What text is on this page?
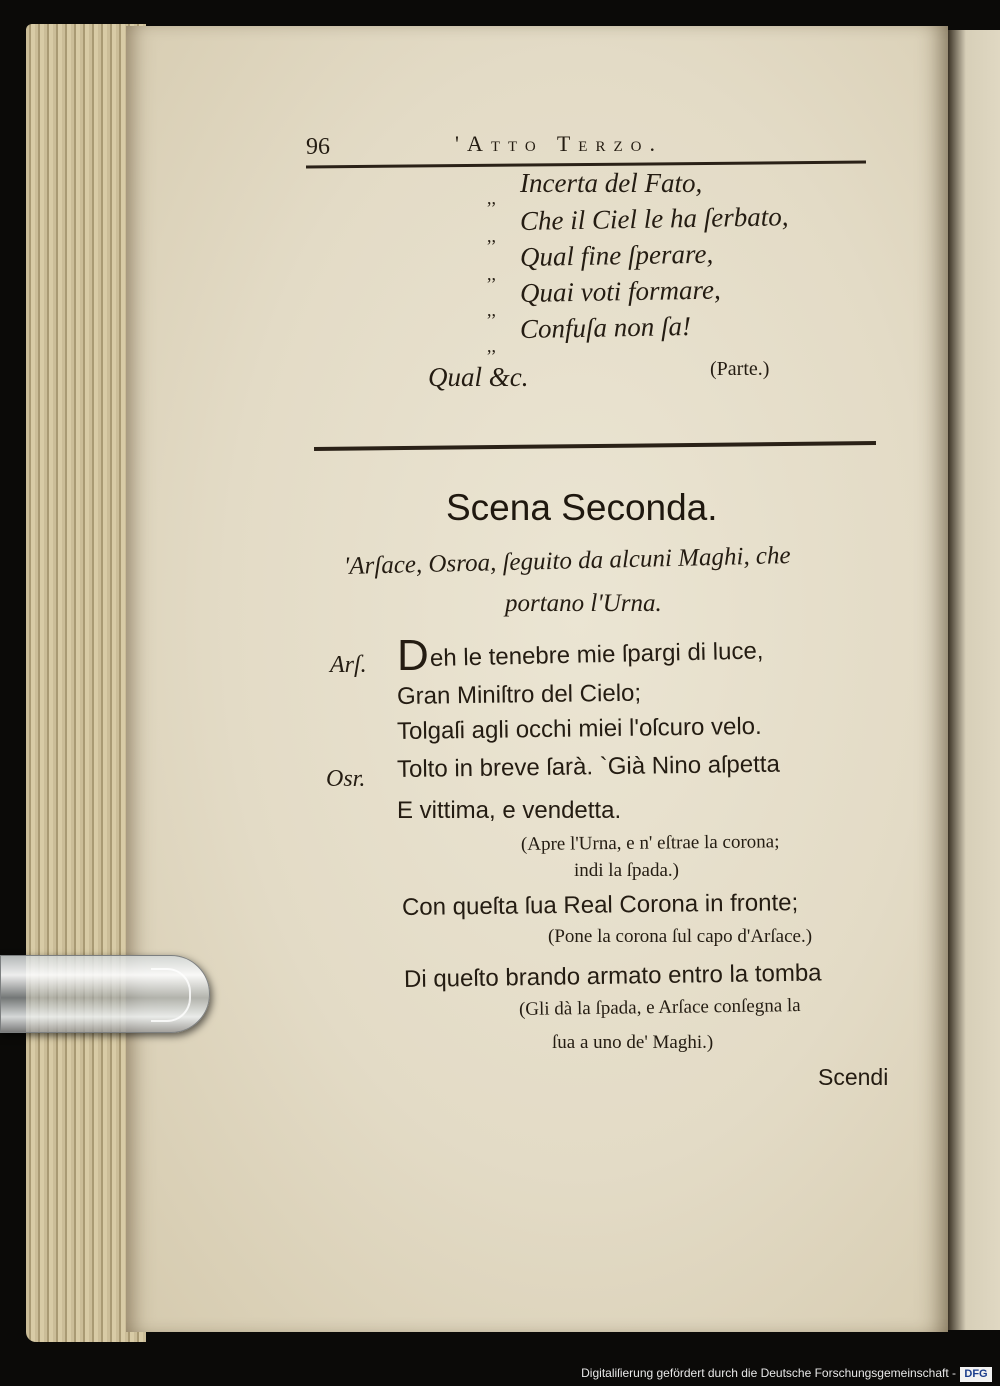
96	'Atto Terzo.
,, Incerta del Fato,
,,
Che il Ciel le ha ſerbato,
,,
Qual fine ſperare,
,,
Quai voti formare,
,,
Confuſa non ſa!
Qual &c.	(Parte.)
Scena Seconda.
'Arſace, Osroa, ſeguito da alcuni Maghi, che
portano l'Urna.
Arſ. D eh le tenebre mie ſpargi di luce,
Gran Miniſtro del Cielo;
Tolgaſi agli occhi miei l'oſcuro velo.
Osr. Tolto in breve ſarà. `Già Nino aſpetta
E vittima, e vendetta.
(Apre l'Urna, e n' eſtrae la corona;
indi la ſpada.)
Con queſta ſua Real Corona in fronte;
(Pone la corona ſul capo d'Arſace.)
Di queſto brando armato entro la tomba
(Gli dà la ſpada, e Arſace conſegna la
ſua a uno de' Maghi.)
Scendi
Digitaliſierung gefördert durch die Deutsche Forschungsgemeinschaft - DFG
